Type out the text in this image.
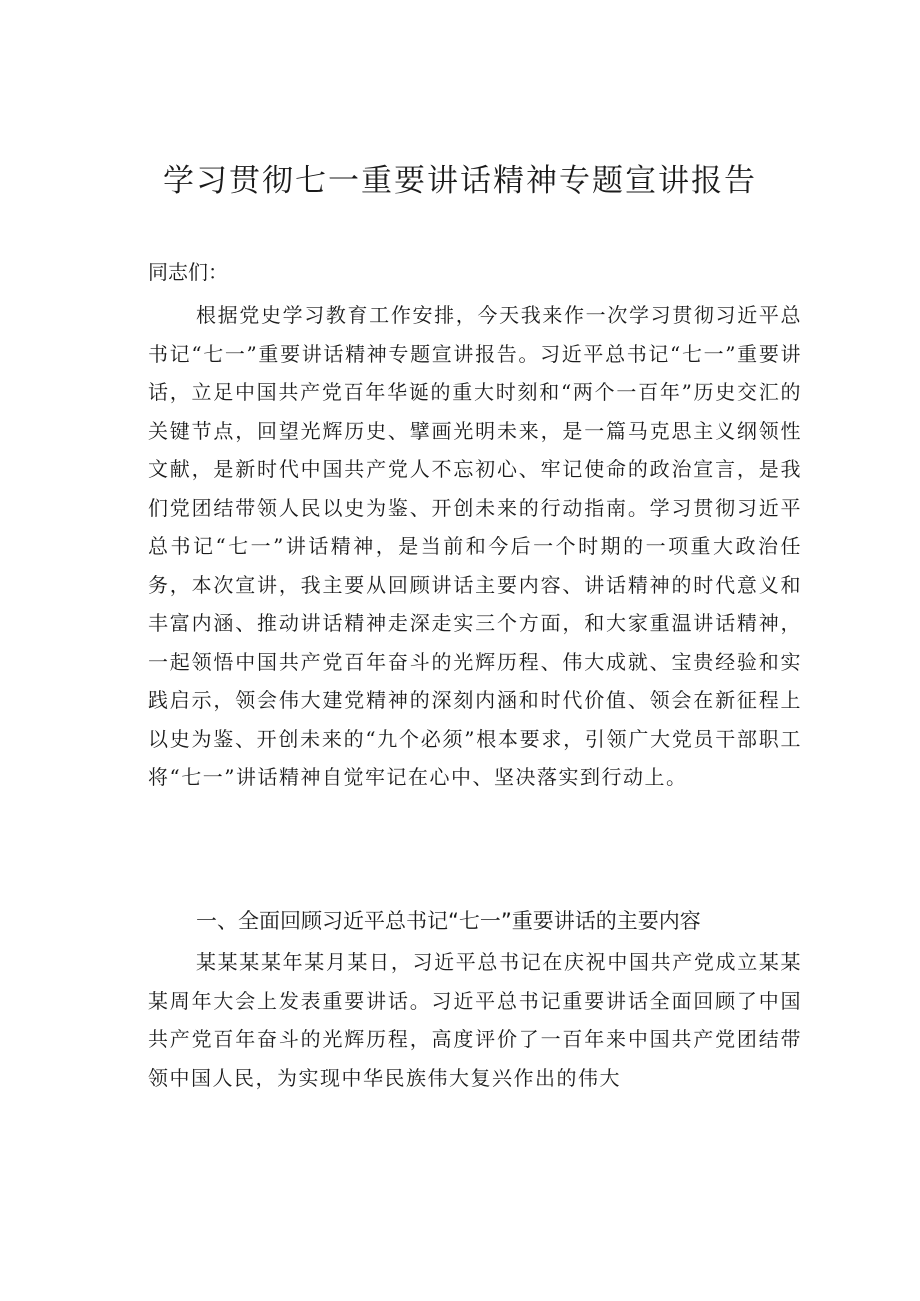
学习贯彻七一重要讲话精神专题宣讲报告

同志们：

根据党史学习教育工作安排，今天我来作一次学习贯彻习近平总书记“七一”重要讲话精神专题宣讲报告。习近平总书记“七一”重要讲话，立足中国共产党百年华诞的重大时刻和“两个一百年”历史交汇的关键节点，回望光辉历史、擘画光明未来，是一篇马克思主义纲领性文献，是新时代中国共产党人不忘初心、牢记使命的政治宣言，是我们党团结带领人民以史为鉴、开创未来的行动指南。学习贯彻习近平总书记“七一”讲话精神，是当前和今后一个时期的一项重大政治任务，本次宣讲，我主要从回顾讲话主要内容、讲话精神的时代意义和丰富内涵、推动讲话精神走深走实三个方面，和大家重温讲话精神，一起领悟中国共产党百年奋斗的光辉历程、伟大成就、宝贵经验和实践启示，领会伟大建党精神的深刻内涵和时代价值、领会在新征程上以史为鉴、开创未来的“九个必须”根本要求，引领广大党员干部职工将“七一”讲话精神自觉牢记在心中、坚决落实到行动上。

一、全面回顾习近平总书记“七一”重要讲话的主要内容

某某某某年某月某日，习近平总书记在庆祝中国共产党成立某某某周年大会上发表重要讲话。习近平总书记重要讲话全面回顾了中国共产党百年奋斗的光辉历程，高度评价了一百年来中国共产党团结带领中国人民，为实现中华民族伟大复兴作出的伟大
